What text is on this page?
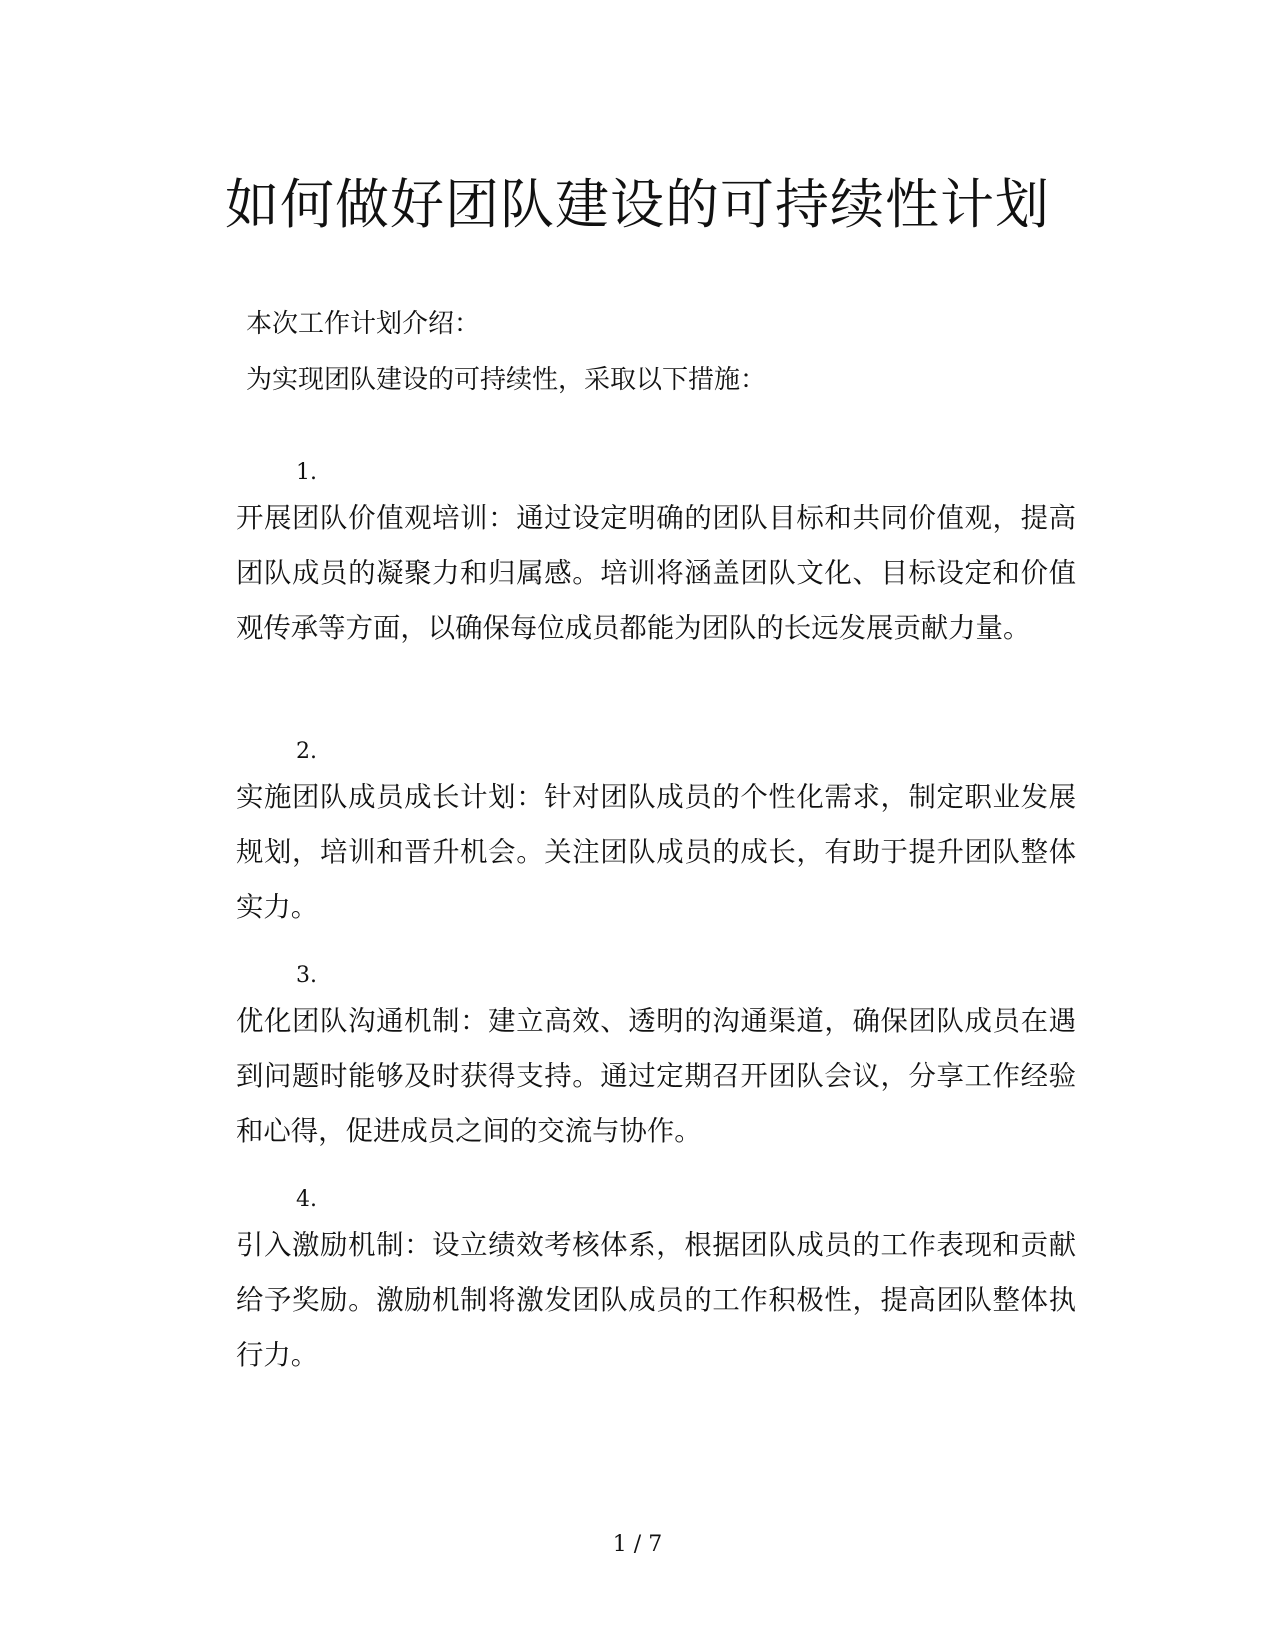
如何做好团队建设的可持续性计划

本次工作计划介绍：

为实现团队建设的可持续性，采取以下措施：

1.

开展团队价值观培训：通过设定明确的团队目标和共同价值观，提高团队成员的凝聚力和归属感。培训将涵盖团队文化、目标设定和价值观传承等方面，以确保每位成员都能为团队的长远发展贡献力量。

2.

实施团队成员成长计划：针对团队成员的个性化需求，制定职业发展规划，培训和晋升机会。关注团队成员的成长，有助于提升团队整体实力。

3.

优化团队沟通机制：建立高效、透明的沟通渠道，确保团队成员在遇到问题时能够及时获得支持。通过定期召开团队会议，分享工作经验和心得，促进成员之间的交流与协作。

4.

引入激励机制：设立绩效考核体系，根据团队成员的工作表现和贡献给予奖励。激励机制将激发团队成员的工作积极性，提高团队整体执行力。

1 / 7
